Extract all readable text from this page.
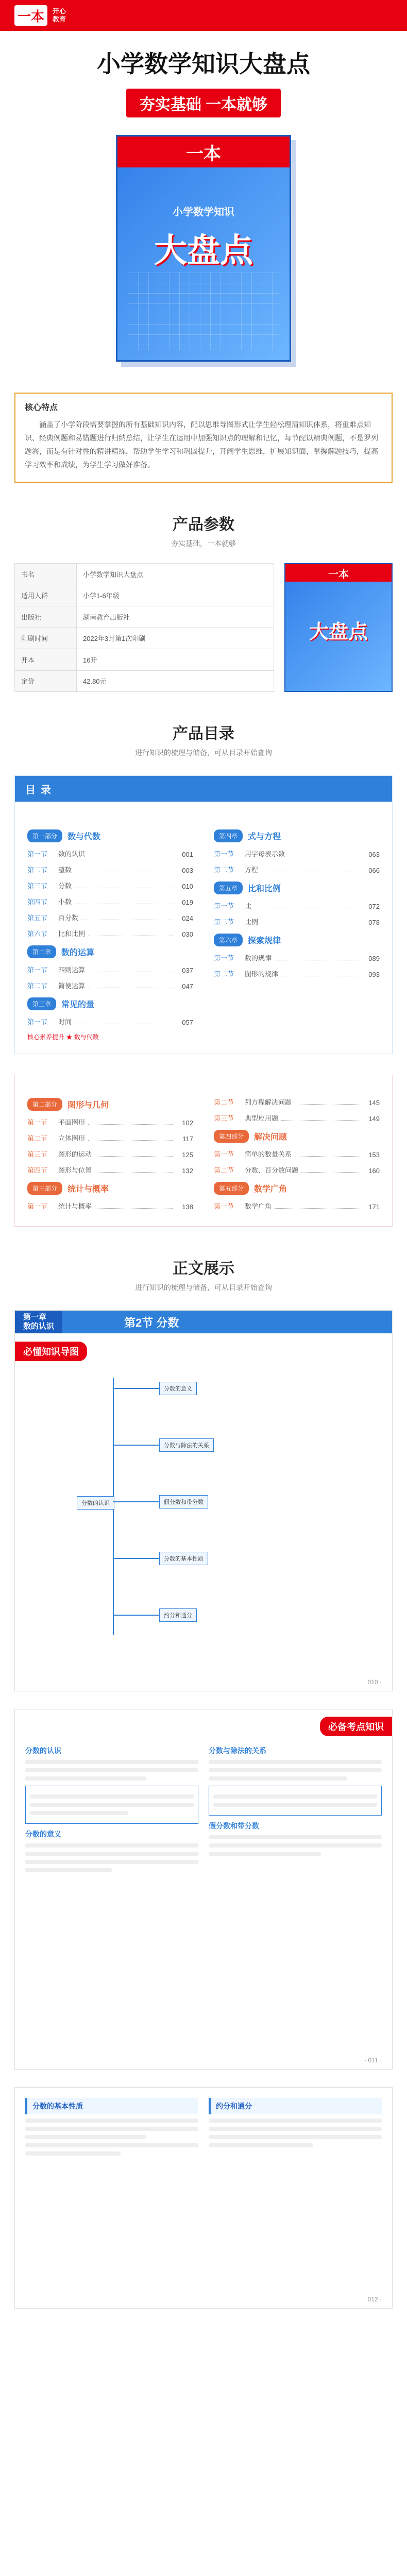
一本	开心
教育
小学数学知识大盘点
夯实基础 一本就够
一本
小学数学知识
大盘点
核心特点

涵盖了小学阶段需要掌握的所有基础知识内容，配以思维导图形式让学生轻松理清知识体系，将重难点知识、经典例题和易错题进行归纳总结，让学生在运用中加强知识点的理解和记忆，每节配以精典例题，不是罗列题海，而是有针对性的精讲精练，帮助学生学习和巩固提升，开阔学生思维，扩展知识面，掌握解题技巧，提高学习效率和成绩，为学生学习做好准备。

产品参数
夯实基础，一本就够
书名	小学数学知识大盘点
适用人群	小学1-6年级
出版社	湖南教育出版社
印刷时间	2022年3月第1次印刷
开本	16开
定价	42.80元
一本
大盘点
产品目录
进行知识的梳理与储备，可从目录开始查询
目录
第一部分	数与代数
第一节	数的认识	001
第二节	整数	003
第三节	分数	010
第四节	小数	019
第五节	百分数	024
第六节	比和比例	030
第二章	数的运算
第一节	四则运算	037
第二节	简便运算	047
第三章	常见的量
第一节	时间	057
第四章	式与方程
第一节	用字母表示数	063
第二节	方程	066
第五章	比和比例
第一节	比	072
第二节	比例	078
第六章	探索规律
第一节	数的规律	089
第二节	图形的规律	093
核心素养提升 ★ 数与代数
第二部分	图形与几何
第一节	平面图形	102
第二节	立体图形	117
第三节	图形的运动	125
第四节	图形与位置	132
第三部分	统计与概率
第一节	统计与概率	138
第二节	列方程解决问题	145
第三节	典型应用题	149
第四部分	解决问题
第一节	简单的数量关系	153
第二节	分数、百分数问题	160
第五部分	数学广角
第一节	数学广角	171
正文展示
进行知识的梳理与储备，可从目录开始查询
第一章
数的认识	第2节 分数
必懂知识导图
分数的认识
分数的意义
分数与除法的关系
假分数和带分数
分数的基本性质
约分和通分
· 010 ·
必备考点知识
分数的认识
分数的意义
分数与除法的关系
假分数和带分数
· 011 ·
分数的基本性质	约分和通分
· 012 ·
